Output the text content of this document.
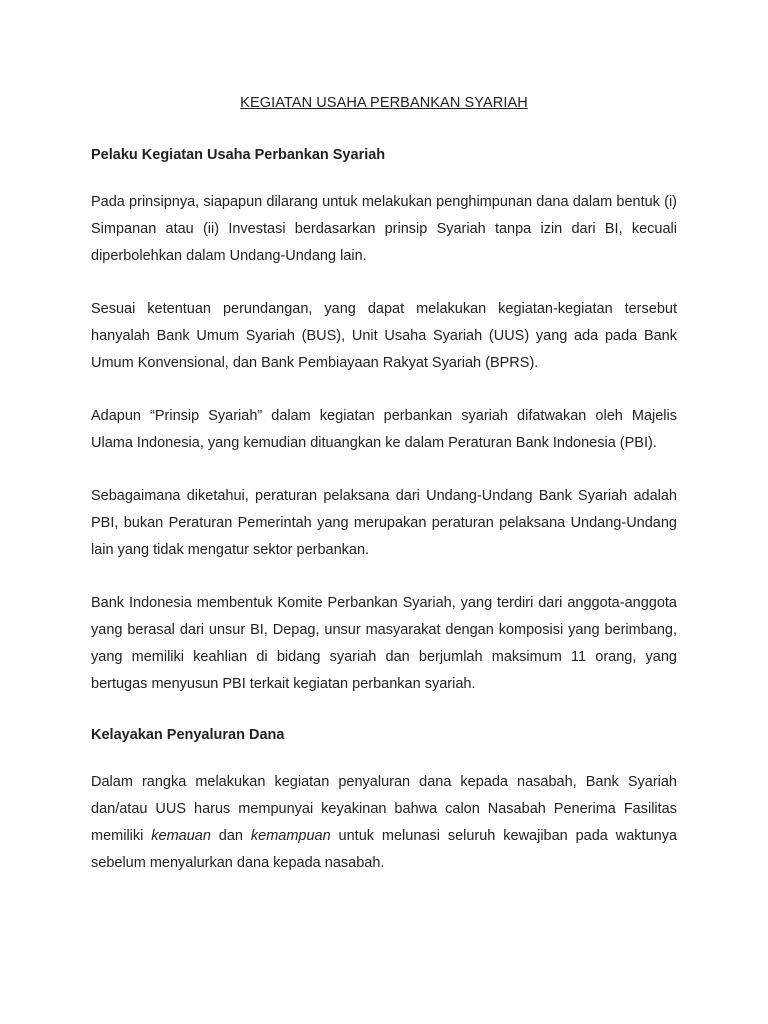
KEGIATAN USAHA PERBANKAN SYARIAH
Pelaku Kegiatan Usaha Perbankan Syariah

Pada prinsipnya, siapapun dilarang untuk melakukan penghimpunan dana dalam bentuk (i) Simpanan atau (ii) Investasi berdasarkan prinsip Syariah tanpa izin dari BI, kecuali diperbolehkan dalam Undang-Undang lain.

Sesuai ketentuan perundangan, yang dapat melakukan kegiatan-kegiatan tersebut hanyalah Bank Umum Syariah (BUS), Unit Usaha Syariah (UUS) yang ada pada Bank Umum Konvensional, dan Bank Pembiayaan Rakyat Syariah (BPRS).

Adapun “Prinsip Syariah” dalam kegiatan perbankan syariah difatwakan oleh Majelis Ulama Indonesia, yang kemudian dituangkan ke dalam Peraturan Bank Indonesia (PBI).

Sebagaimana diketahui, peraturan pelaksana dari Undang-Undang Bank Syariah adalah PBI, bukan Peraturan Pemerintah yang merupakan peraturan pelaksana Undang-Undang lain yang tidak mengatur sektor perbankan.

Bank Indonesia membentuk Komite Perbankan Syariah, yang terdiri dari anggota-anggota yang berasal dari unsur BI, Depag, unsur masyarakat dengan komposisi yang berimbang, yang memiliki keahlian di bidang syariah dan berjumlah maksimum 11 orang, yang bertugas menyusun PBI terkait kegiatan perbankan syariah.

Kelayakan Penyaluran Dana

Dalam rangka melakukan kegiatan penyaluran dana kepada nasabah, Bank Syariah dan/atau UUS harus mempunyai keyakinan bahwa calon Nasabah Penerima Fasilitas memiliki kemauan dan kemampuan untuk melunasi seluruh kewajiban pada waktunya sebelum menyalurkan dana kepada nasabah.
